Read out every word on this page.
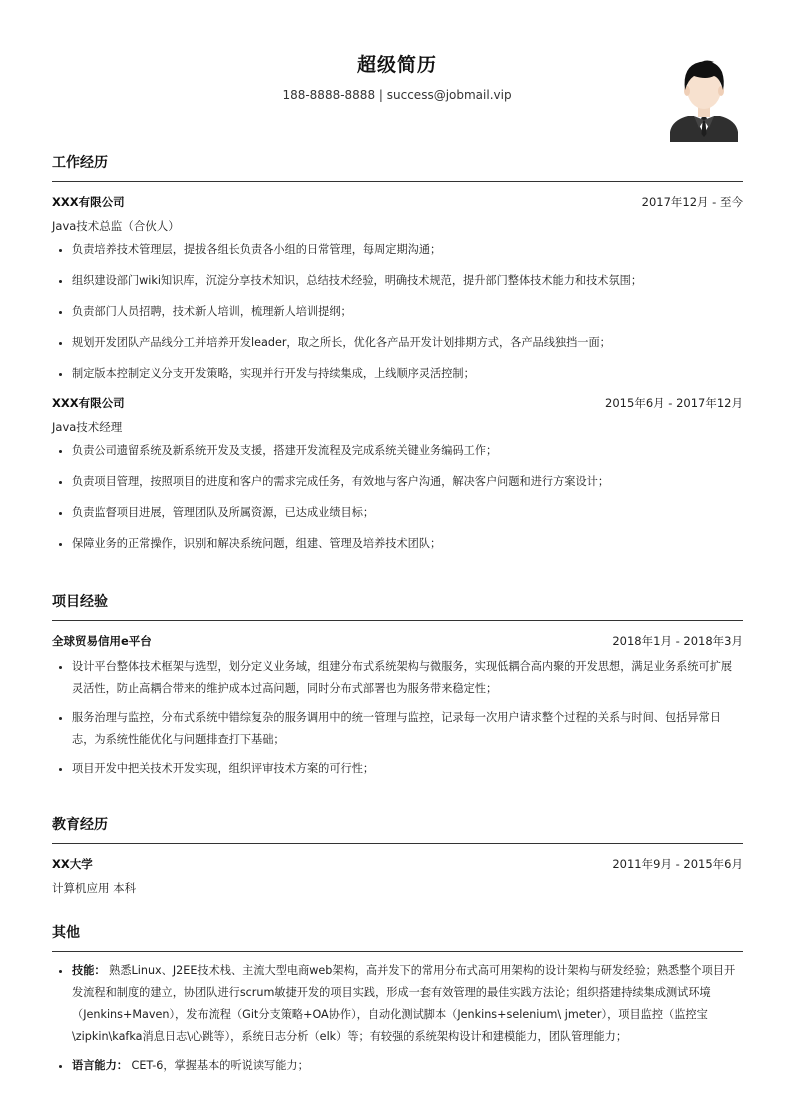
超级简历
188-8888-8888 | success@jobmail.vip
工作经历
XXX有限公司	2017年12月 - 至今
Java技术总监（合伙人）
• 负责培养技术管理层，提拔各组长负责各小组的日常管理，每周定期沟通；
• 组织建设部门wiki知识库，沉淀分享技术知识，总结技术经验，明确技术规范，提升部门整体技术能力和技术氛围；
• 负责部门人员招聘，技术新人培训，梳理新人培训提纲；
• 规划开发团队产品线分工并培养开发leader，取之所长，优化各产品开发计划排期方式，各产品线独挡一面；
• 制定版本控制定义分支开发策略，实现并行开发与持续集成，上线顺序灵活控制；
XXX有限公司	2015年6月 - 2017年12月
Java技术经理
• 负责公司遗留系统及新系统开发及支援，搭建开发流程及完成系统关键业务编码工作；
• 负责项目管理，按照项目的进度和客户的需求完成任务，有效地与客户沟通，解决客户问题和进行方案设计；
• 负责监督项目进展，管理团队及所属资源，已达成业绩目标；
• 保障业务的正常操作，识别和解决系统问题，组建、管理及培养技术团队；
项目经验
全球贸易信用e平台	2018年1月 - 2018年3月
• 设计平台整体技术框架与选型，划分定义业务域，组建分布式系统架构与微服务，实现低耦合高内聚的开发思想，满足业务系统可扩展灵活性，防止高耦合带来的维护成本过高问题，同时分布式部署也为服务带来稳定性；
• 服务治理与监控，分布式系统中错综复杂的服务调用中的统一管理与监控，记录每一次用户请求整个过程的关系与时间、包括异常日志，为系统性能优化与问题排查打下基础；
• 项目开发中把关技术开发实现，组织评审技术方案的可行性；
教育经历
XX大学	2011年9月 - 2015年6月
计算机应用 本科
其他
• 技能： 熟悉Linux、J2EE技术栈、主流大型电商web架构，高并发下的常用分布式高可用架构的设计架构与研发经验；熟悉整个项目开发流程和制度的建立，协团队进行scrum敏捷开发的项目实践，形成一套有效管理的最佳实践方法论；组织搭建持续集成测试环境（Jenkins+Maven），发布流程（Git分支策略+OA协作），自动化测试脚本（Jenkins+selenium\ jmeter），项目监控（监控宝\zipkin\kafka消息日志\心跳等），系统日志分析（elk）等；有较强的系统架构设计和建模能力，团队管理能力；
• 语言能力： CET-6，掌握基本的听说读写能力；
